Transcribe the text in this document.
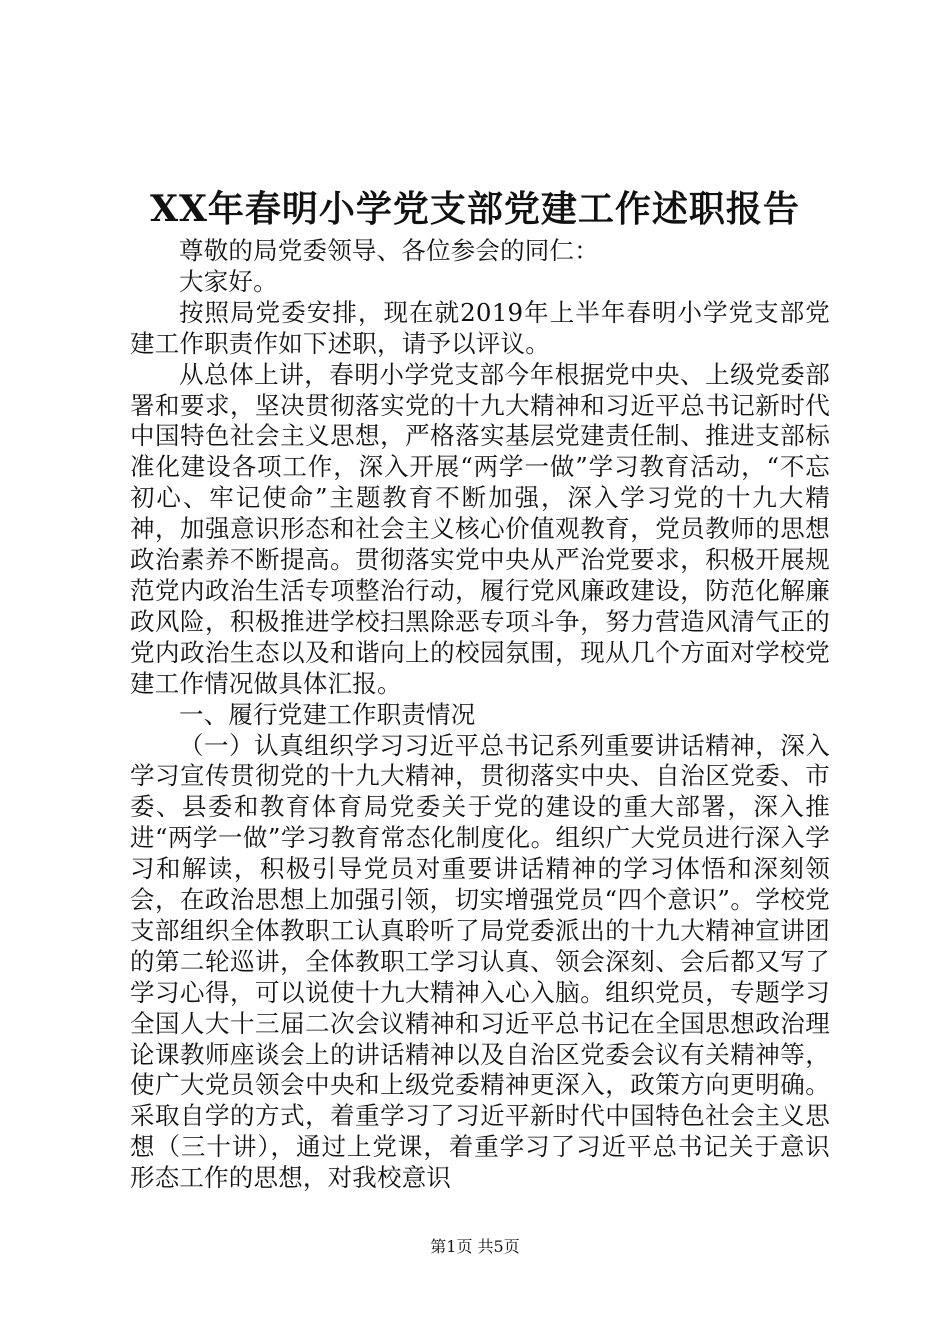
XX年春明小学党支部党建工作述职报告

尊敬的局党委领导、各位参会的同仁：

大家好。

按照局党委安排，现在就2019年上半年春明小学党支部党建工作职责作如下述职，请予以评议。

从总体上讲，春明小学党支部今年根据党中央、上级党委部署和要求，坚决贯彻落实党的十九大精神和习近平总书记新时代中国特色社会主义思想，严格落实基层党建责任制、推进支部标准化建设各项工作，深入开展“两学一做”学习教育活动，“不忘初心、牢记使命”主题教育不断加强，深入学习党的十九大精神，加强意识形态和社会主义核心价值观教育，党员教师的思想政治素养不断提高。贯彻落实党中央从严治党要求，积极开展规范党内政治生活专项整治行动，履行党风廉政建设，防范化解廉政风险，积极推进学校扫黑除恶专项斗争，努力营造风清气正的党内政治生态以及和谐向上的校园氛围，现从几个方面对学校党建工作情况做具体汇报。

一、履行党建工作职责情况

（一）认真组织学习习近平总书记系列重要讲话精神，深入学习宣传贯彻党的十九大精神，贯彻落实中央、自治区党委、市委、县委和教育体育局党委关于党的建设的重大部署，深入推进“两学一做”学习教育常态化制度化。组织广大党员进行深入学习和解读，积极引导党员对重要讲话精神的学习体悟和深刻领会，在政治思想上加强引领，切实增强党员“四个意识”。学校党支部组织全体教职工认真聆听了局党委派出的十九大精神宣讲团的第二轮巡讲，全体教职工学习认真、领会深刻、会后都又写了学习心得，可以说使十九大精神入心入脑。组织党员，专题学习全国人大十三届二次会议精神和习近平总书记在全国思想政治理论课教师座谈会上的讲话精神以及自治区党委会议有关精神等，使广大党员领会中央和上级党委精神更深入，政策方向更明确。采取自学的方式，着重学习了习近平新时代中国特色社会主义思想（三十讲），通过上党课，着重学习了习近平总书记关于意识形态工作的思想，对我校意识

第1页 共5页
